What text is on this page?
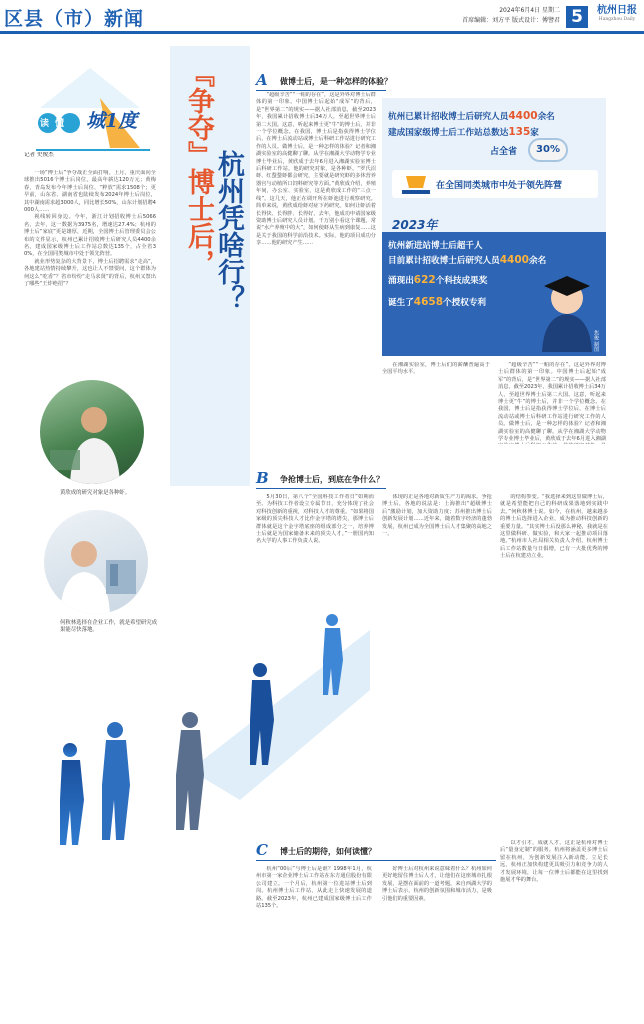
区县（市）新闻	2024年6月4日 星期二
首席编辑：刘方平 版式设计：傅譬君 5	杭州日报
Hangzhou Daily
读懂 城1度
记者 史俊杰

一场“博士后”争夺战正全面打响。上月，重庆面向全球推出5016个博士后岗位，最高年薪达120万元；黄梅春，青岛发布今年博士后岗位、“粹放”需求1508个；更早前，山东省、湖南省也陆续发布2024年博士后岗位，其中湖南需求超3000人，同比增长50%，山东计划招聘4000人……

视线转回身边。今年，浙江计划招收博士后5066名，去年，这一数据为3975名，增速达27.4%；杭州的博士后“家底”更是雄厚，近期，全国博士后管理委员会公布的文件显示，杭州已累计招收博士后研究人员4400余名，建成国家级博士后工作站总数达135个，占全省30%，在全国同类城市中处于领先阵营。

就业形势复杂的大背景下，博士后招聘需求“走高”，各地建站热情持续攀升，这也让人不禁要问，这个群体为何这么“吃香”？省市纷纷“走马求贤”的背后，杭州又祭出了哪些“王炸绝招”？

黄欣成的研究对象是各种虾。
何秋林选择在企业工作，就是希望研究成果能尽快落地。
『争夺』博士后， 杭州凭啥行？
A	做博士后，是一种怎样的体验？

“超级辛苦”“一帕的存在”，这是外界对博士后群体的第一印象。中国博士后起始“成军”的背后，是“世界第二”的规实——据人社部消息，截至2023年，我国累计招收博士后34万人，至超世界博士后第二大国。这意，听起来博士更“牛”的博士后，并非一个学位概念。在我国，博士后是指获得博士学位后，在博士后流动站或博士后科研工作站进行研究工作的人员。做博士后，是一种怎样的体验？记者和湘湖实验室的高健聊了聊。从学在湘湖大学动物学专业博士毕业后，黄欣成于去年6月进入湘湖实验室博士后科研工作站。他的研究对象，是各种虾。“罗氏沼虾、红螯螯虾都会研究，主要就是研究虾的多休营养器官与动植所口饲料研究等方面。”黄欣成介绍，养殖年间，办公室、实验室，这是黄欣成工作的“三点一线”。这几天，他正在调开所在虾池进行观察研究。简单来说，黄欣成给虾对症下药研究。如何让虾活着长得快、长得胖、长得好，去年，他成功申请国家级资助博士后研究人员计划。千万别小看这个课题，常说“水产养殖中的大”，如何使虾从生病到康复……这是关于我国的科学前沿技术。实际，他的项目成功分享……他的研究产生……

杭州已累计招收博士后研究人员4400余名
建成国家级博士后工作站总数达135家
占全省	30%
在全国同类城市中处于领先阵营
2023年
杭州新进站博士后超千人
目前累计招收博士后研究人员4400余名
涌现出622个科技成果奖
诞生了4658个授权专利
焦俊 制图

在湘湖实验室，博士后们的薪酬普遍高于全国平均水平。

“超级辛苦”“一帕的存在”，这是外界对博士后群体的第一印象。中国博士后起始“成军”的背后，是“世界第二”的规实——据人社部消息，截至2023年，我国累计招收博士后34万人，至超世界博士后第二大国。这意，听起来博士更“牛”的博士后，并非一个学位概念。在我国，博士后是指获得博士学位后，在博士后流动站或博士后科研工作站进行研究工作的人员。做博士后，是一种怎样的体验？记者和湘湖实验室的高健聊了聊。从学在湘湖大学动物学专业博士毕业后，黄欣成于去年6月进入湘湖

B	争抢博士后，到底在争什么？

5月30日，第八个“全国科技工作者日”如期而至。为科技工作者设立专属节日，充分体现了社会对科技创新的重视，对科技人才的尊重。“如果将国家级的顶尖科技人才比作金字塔的塔尖，那博士后群体就是这个金字塔底座的组成部分之一，培养博士后就是为国家储备未来的顶尖人才。”一册国内知名大学的人事工作负责人说。

体现的正是各地对新质生产力的渴求。争抢博士后，各地的说法是：上海推出“超级博士后”激励计划，加大资助力度；苏州推出博士后创新发展计划……近年来，随着数字经济的蓬勃发展，杭州已成为全国博士后人才集聚的高地之一。

的结构参变。“我选择来到这里做博士后，就是希望能把自己的科研成果落地到实践中去。”何秋林博士说。如今，在杭州，越来越多的博士后选择进入企业，成为推动科技创新的重要力量。“其实博士后没那么神秘，我就是在这里做科研、做实验，和大家一起推动项目落地。”杭州市人社局相关负责人介绍，杭州博士后工作站数量与日俱增，已有一大批优秀的博士后在杭建功立业。

C	博士后的期待，如何读懂？

杭州“00后”与博士后是谁？1998年1月，杭州市第一家企业博士后工作站在东方通信股份有限公司建立。一个月后，杭州第一位进站博士后到岗。杭州博士后工作站，从此走上快速发展的道路。截至2023年，杭州已建成国家级博士后工作站135个。

好博士后对杭州来说意味着什么？杭州如何更好地留住博士后人才，让他们在这座城市扎根发展，是摆在面前的一道考题。来自西湖大学的博士后表示，杭州的创新氛围和城市活力，是吸引他们的重要因素。

以才引才，成就人才，这正是杭州对博士后“量身定制”的服务。杭州将涵盖更多博士后留在杭州，为创新发展注入新动能。立足长远，杭州正加快构建更具吸引力和竞争力的人才发展环境，让每一位博士后都能在这里找到施展才华的舞台。
